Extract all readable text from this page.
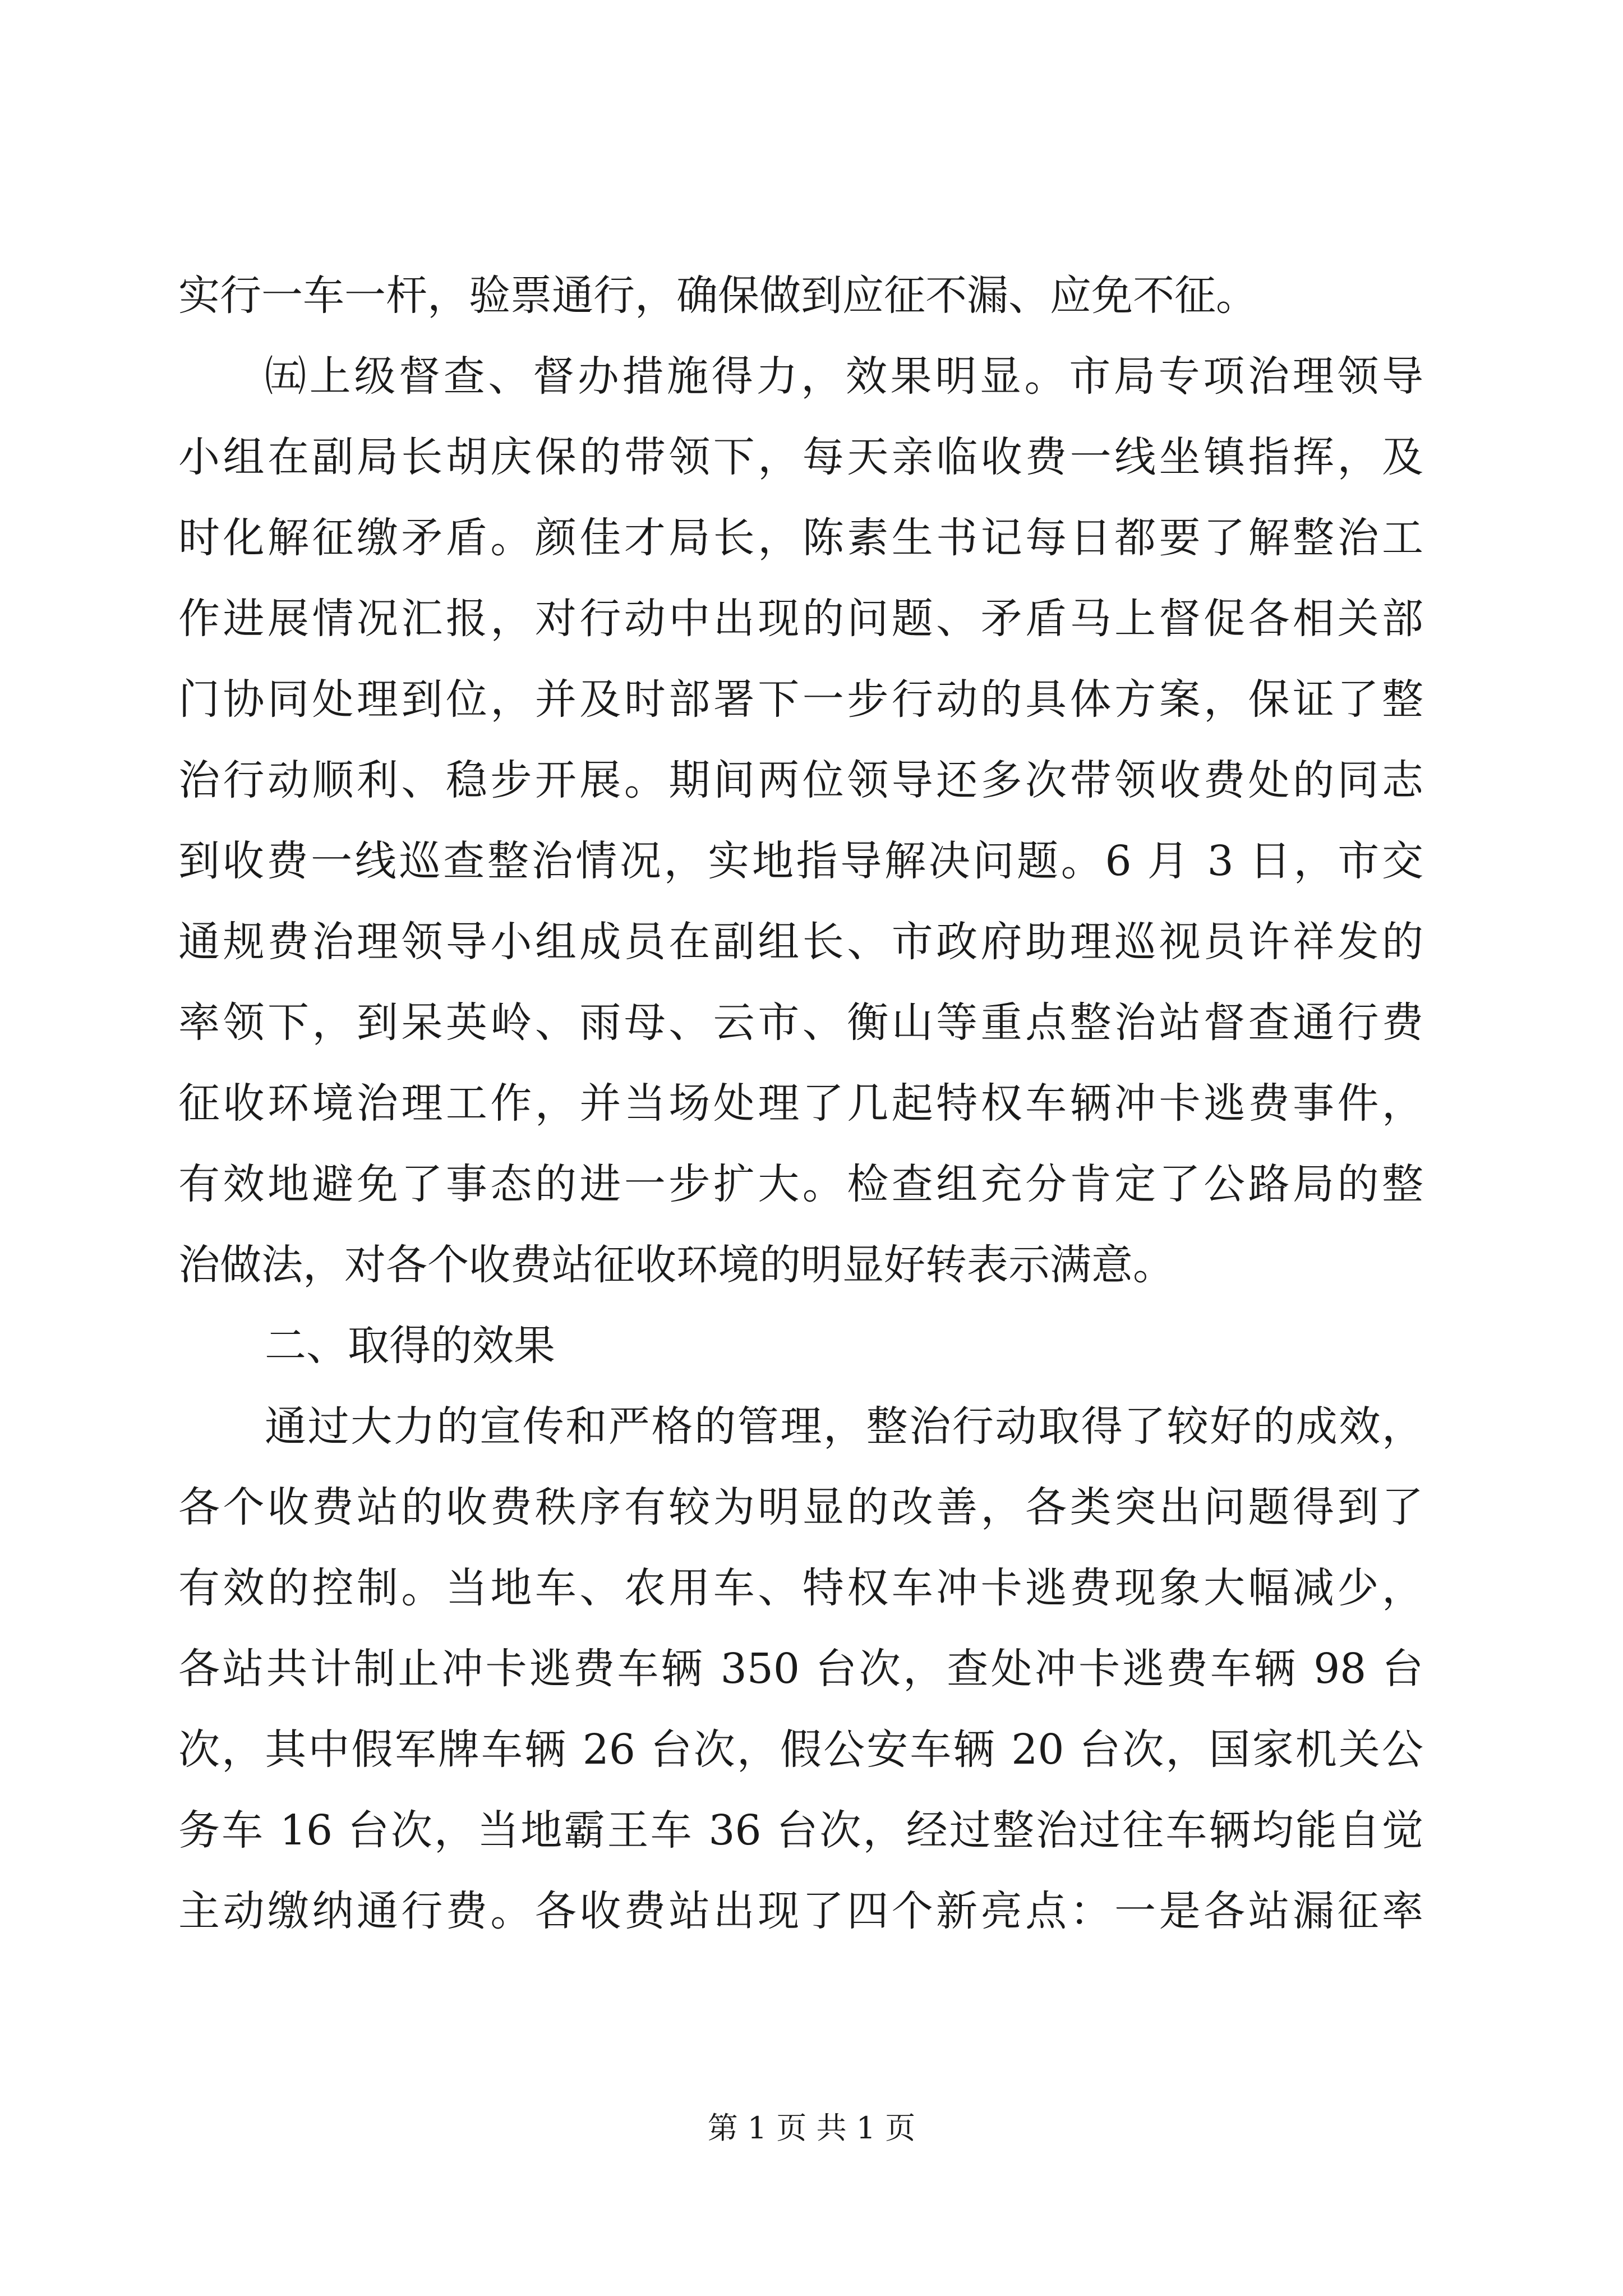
实行一车一杆，验票通行，确保做到应征不漏、应免不征。
㈤上级督查、督办措施得力，效果明显。市局专项治理领导
小组在副局长胡庆保的带领下，每天亲临收费一线坐镇指挥，及
时化解征缴矛盾。颜佳才局长，陈素生书记每日都要了解整治工
作进展情况汇报，对行动中出现的问题、矛盾马上督促各相关部
门协同处理到位，并及时部署下一步行动的具体方案，保证了整
治行动顺利、稳步开展。期间两位领导还多次带领收费处的同志
到收费一线巡查整治情况，实地指导解决问题。6 月 3 日，市交
通规费治理领导小组成员在副组长、市政府助理巡视员许祥发的
率领下，到呆英岭、雨母、云市、衡山等重点整治站督查通行费
征收环境治理工作，并当场处理了几起特权车辆冲卡逃费事件，
有效地避免了事态的进一步扩大。检查组充分肯定了公路局的整
治做法，对各个收费站征收环境的明显好转表示满意。
二、取得的效果
通过大力的宣传和严格的管理，整治行动取得了较好的成效，
各个收费站的收费秩序有较为明显的改善，各类突出问题得到了
有效的控制。当地车、农用车、特权车冲卡逃费现象大幅减少，
各站共计制止冲卡逃费车辆 350 台次，查处冲卡逃费车辆 98 台
次，其中假军牌车辆 26 台次，假公安车辆 20 台次，国家机关公
务车 16 台次，当地霸王车 36 台次，经过整治过往车辆均能自觉
主动缴纳通行费。各收费站出现了四个新亮点：一是各站漏征率
第 1 页 共 1 页
